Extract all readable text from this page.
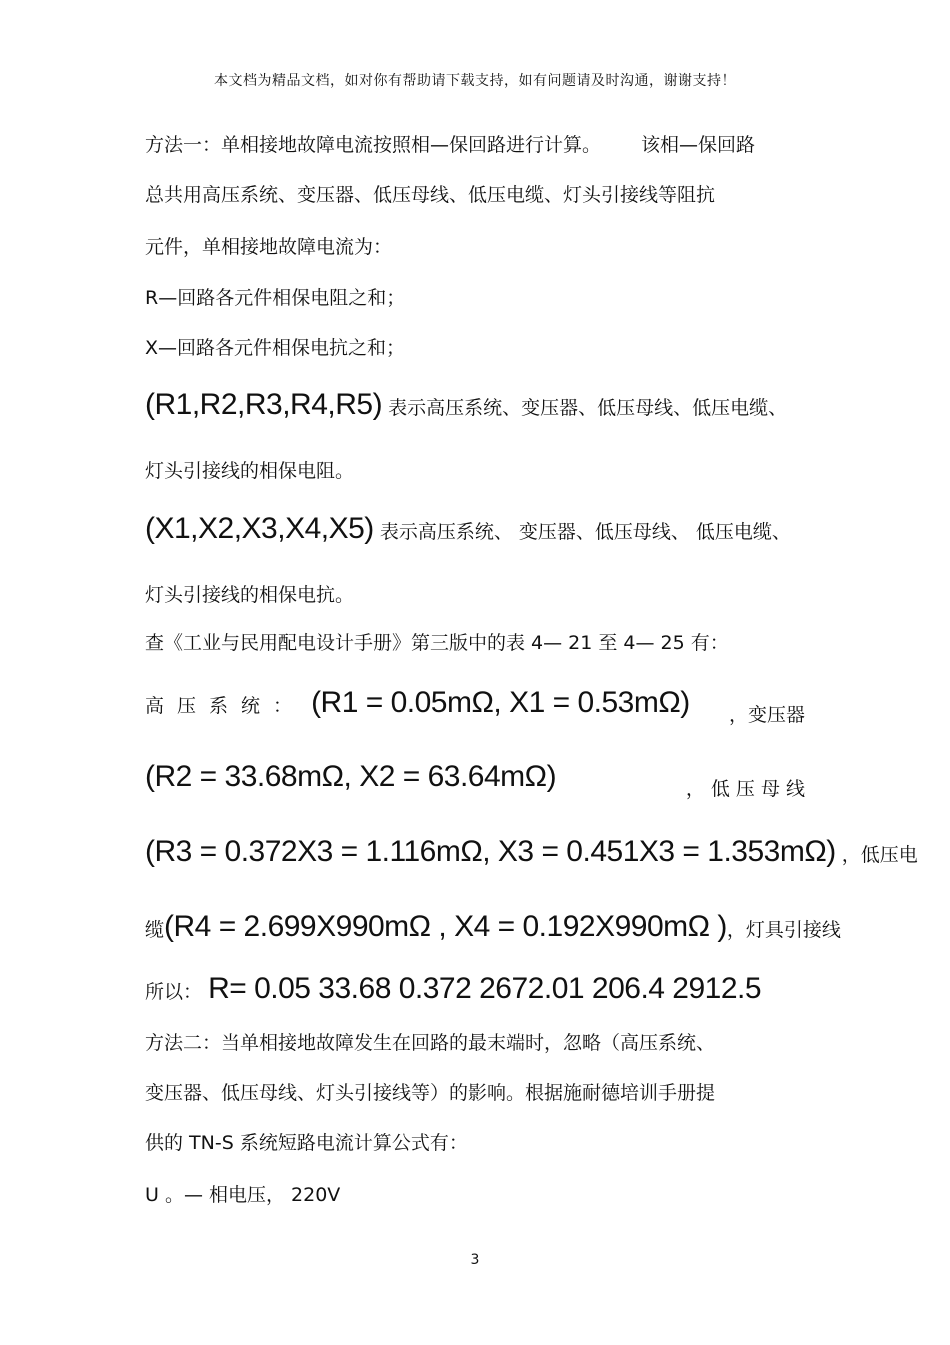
本文档为精品文档，如对你有帮助请下载支持，如有问题请及时沟通，谢谢支持！
方法一：单相接地故障电流按照相—保回路进行计算。 该相—保回路
总共用高压系统、变压器、低压母线、低压电缆、灯头引接线等阻抗
元件，单相接地故障电流为：
R—回路各元件相保电阻之和；
X—回路各元件相保电抗之和；
(R1,R2,R3,R4,R5) 表示高压系统、变压器、低压母线、低压电缆、
灯头引接线的相保电阻。
(X1,X2,X3,X4,X5) 表示高压系统、 变压器、低压母线、 低压电缆、
灯头引接线的相保电抗。
查《工业与民用配电设计手册》第三版中的表 4— 21 至 4— 25 有：
高压系统： (R1 = 0.05mΩ, X1 = 0.53mΩ) ，变压器
(R2 = 33.68mΩ, X2 = 63.64mΩ)	， 低 压 母 线
(R3 = 0.372X3 = 1.116mΩ, X3 = 0.451X3 = 1.353mΩ) ，低压电
缆(R4 = 2.699X990mΩ , X4 = 0.192X990mΩ )，灯具引接线
所以： R= 0.05 33.68 0.372 2672.01 206.4 2912.5
方法二：当单相接地故障发生在回路的最末端时，忽略（高压系统、
变压器、低压母线、灯头引接线等）的影响。根据施耐德培训手册提
供的 TN-S 系统短路电流计算公式有：
U 。— 相电压， 220V
3
